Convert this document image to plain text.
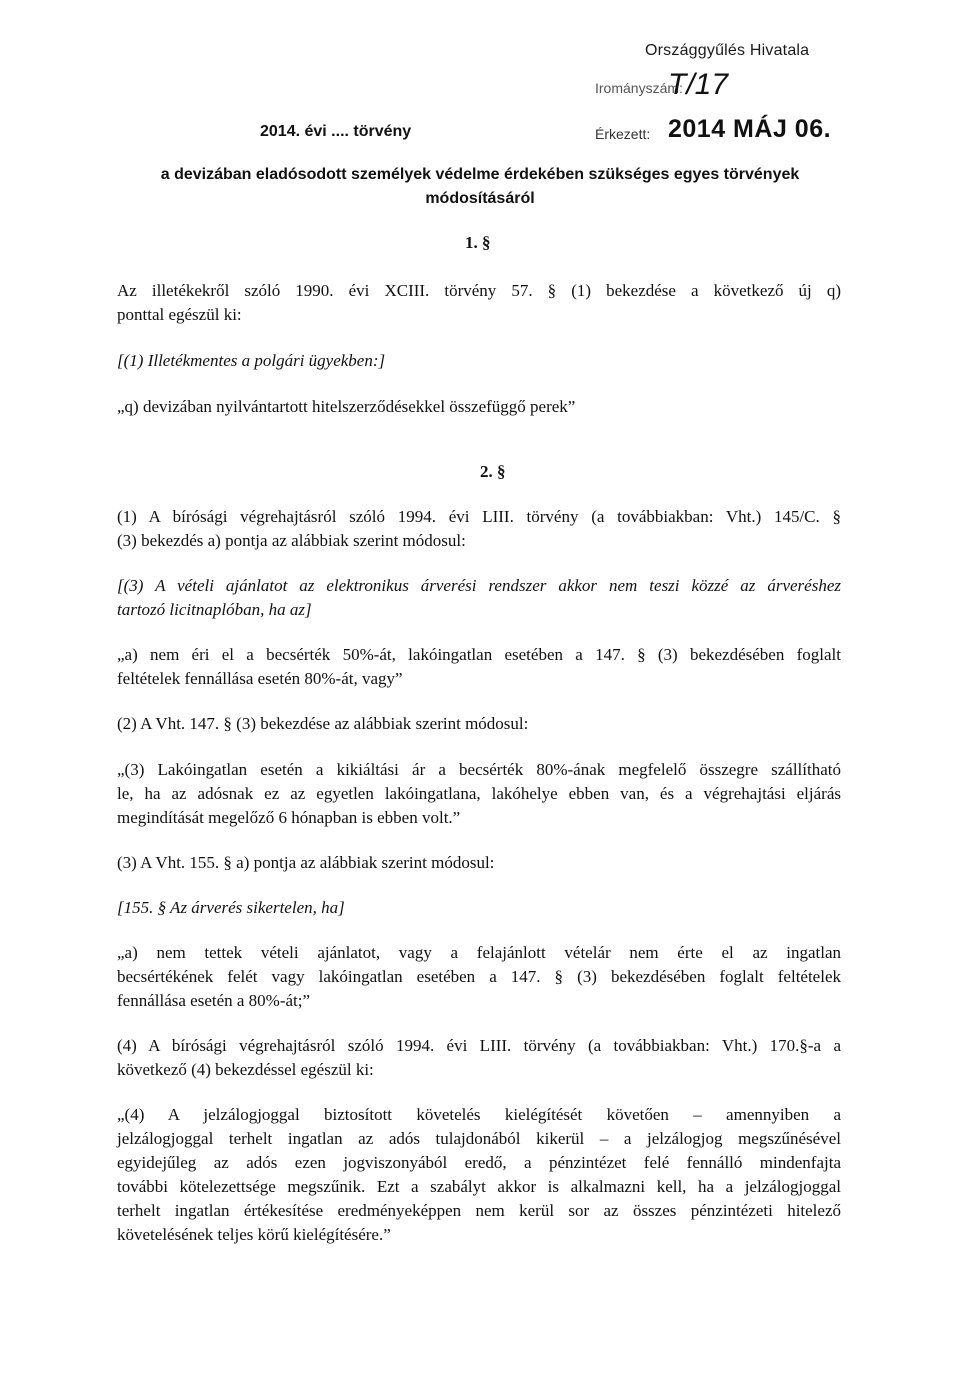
Országgyűlés Hivatala
Irományszám:
T/17
2014. évi .... törvény	Érkezett: 2014 MÁJ 06.
a devizában eladósodott személyek védelme érdekében szükséges egyes törvények
módosításáról
1. §
Az illetékekről szóló 1990. évi XCIII. törvény 57. § (1) bekezdése a következő új q)
ponttal egészül ki:
[(1) Illetékmentes a polgári ügyekben:]
„q) devizában nyilvántartott hitelszerződésekkel összefüggő perek”
2. §
(1) A bírósági végrehajtásról szóló 1994. évi LIII. törvény (a továbbiakban: Vht.) 145/C. §
(3) bekezdés a) pontja az alábbiak szerint módosul:
[(3) A vételi ajánlatot az elektronikus árverési rendszer akkor nem teszi közzé az árveréshez
tartozó licitnaplóban, ha az]
„a) nem éri el a becsérték 50%-át, lakóingatlan esetében a 147. § (3) bekezdésében foglalt
feltételek fennállása esetén 80%-át, vagy”
(2) A Vht. 147. § (3) bekezdése az alábbiak szerint módosul:
„(3) Lakóingatlan esetén a kikiáltási ár a becsérték 80%-ának megfelelő összegre szállítható
le, ha az adósnak ez az egyetlen lakóingatlana, lakóhelye ebben van, és a végrehajtási eljárás
megindítását megelőző 6 hónapban is ebben volt.”
(3) A Vht. 155. § a) pontja az alábbiak szerint módosul:
[155. § Az árverés sikertelen, ha]
„a) nem tettek vételi ajánlatot, vagy a felajánlott vételár nem érte el az ingatlan
becsértékének felét vagy lakóingatlan esetében a 147. § (3) bekezdésében foglalt feltételek
fennállása esetén a 80%-át;”
(4) A bírósági végrehajtásról szóló 1994. évi LIII. törvény (a továbbiakban: Vht.) 170.§-a a
következő (4) bekezdéssel egészül ki:
„(4) A jelzálogjoggal biztosított követelés kielégítését követően – amennyiben a
jelzálogjoggal terhelt ingatlan az adós tulajdonából kikerül – a jelzálogjog megszűnésével
egyidejűleg az adós ezen jogviszonyából eredő, a pénzintézet felé fennálló mindenfajta
további kötelezettsége megszűnik. Ezt a szabályt akkor is alkalmazni kell, ha a jelzálogjoggal
terhelt ingatlan értékesítése eredményeképpen nem kerül sor az összes pénzintézeti hitelező
követelésének teljes körű kielégítésére.”
